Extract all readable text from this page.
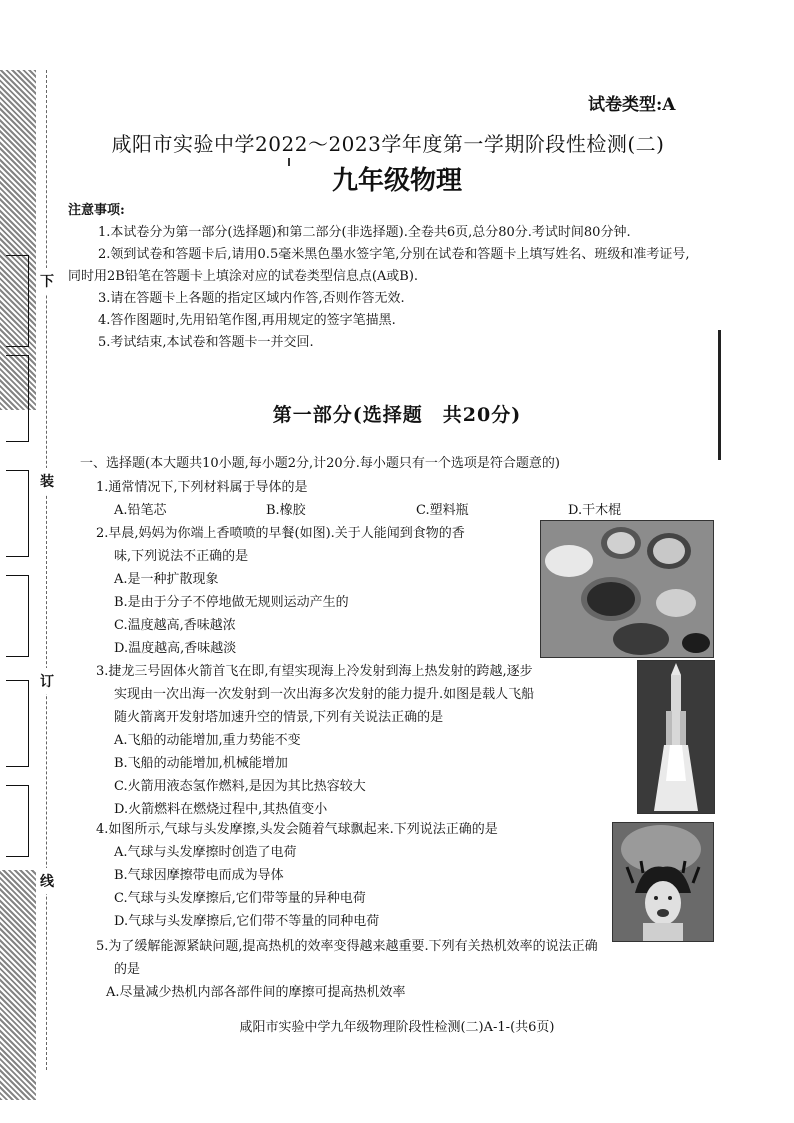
下
装
订
线
试卷类型:A
咸阳市实验中学2022～2023学年度第一学期阶段性检测(二)
九年级物理

注意事项:

1.本试卷分为第一部分(选择题)和第二部分(非选择题).全卷共6页,总分80分.考试时间80分钟.

2.领到试卷和答题卡后,请用0.5毫米黑色墨水签字笔,分别在试卷和答题卡上填写姓名、班级和准考证号,同时用2B铅笔在答题卡上填涂对应的试卷类型信息点(A或B).

3.请在答题卡上各题的指定区域内作答,否则作答无效.

4.答作图题时,先用铅笔作图,再用规定的签字笔描黑.

5.考试结束,本试卷和答题卡一并交回.

第一部分(选择题　共20分)
一、选择题(本大题共10小题,每小题2分,计20分.每小题只有一个选项是符合题意的)
1.通常情况下,下列材料属于导体的是
A.铅笔芯	B.橡胶	C.塑料瓶	D.干木棍
2.早晨,妈妈为你端上香喷喷的早餐(如图).关于人能闻到食物的香
味,下列说法不正确的是
A.是一种扩散现象
B.是由于分子不停地做无规则运动产生的
C.温度越高,香味越浓
D.温度越高,香味越淡
3.捷龙三号固体火箭首飞在即,有望实现海上冷发射到海上热发射的跨越,逐步
实现由一次出海一次发射到一次出海多次发射的能力提升.如图是载人飞船
随火箭离开发射塔加速升空的情景,下列有关说法正确的是
A.飞船的动能增加,重力势能不变
B.飞船的动能增加,机械能增加
C.火箭用液态氢作燃料,是因为其比热容较大
D.火箭燃料在燃烧过程中,其热值变小
4.如图所示,气球与头发摩擦,头发会随着气球飘起来.下列说法正确的是
A.气球与头发摩擦时创造了电荷
B.气球因摩擦带电而成为导体
C.气球与头发摩擦后,它们带等量的异种电荷
D.气球与头发摩擦后,它们带不等量的同种电荷
5.为了缓解能源紧缺问题,提高热机的效率变得越来越重要.下列有关热机效率的说法正确
的是
A.尽量减少热机内部各部件间的摩擦可提高热机效率
咸阳市实验中学九年级物理阶段性检测(二)A-1-(共6页)
